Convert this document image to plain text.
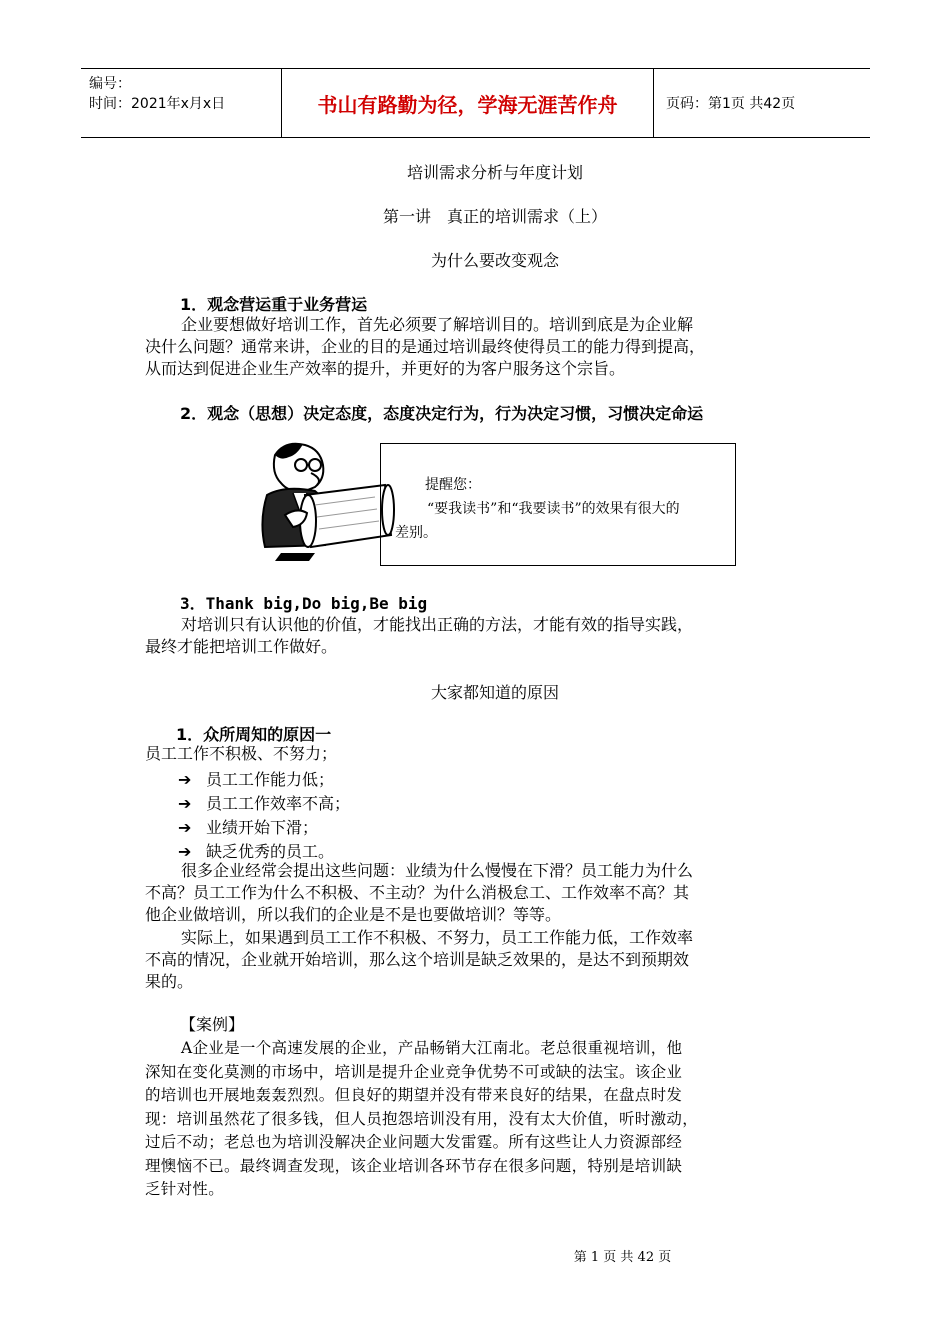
编号：
时间：2021年x月x日	书山有路勤为径，学海无涯苦作舟	页码：第1页 共42页
培训需求分析与年度计划
第一讲　真正的培训需求（上）
为什么要改变观念
1．观念营运重于业务营运
企业要想做好培训工作，首先必须要了解培训目的。培训到底是为企业解
决什么问题？通常来讲，企业的目的是通过培训最终使得员工的能力得到提高，
从而达到促进企业生产效率的提升，并更好的为客户服务这个宗旨。
2．观念（思想）决定态度，态度决定行为，行为决定习惯，习惯决定命运
提醒您：
“要我读书”和“我要读书”的效果有很大的
差别。
3．Thank big,Do big,Be big
对培训只有认识他的价值，才能找出正确的方法，才能有效的指导实践，
最终才能把培训工作做好。
大家都知道的原因
1．众所周知的原因一
员工工作不积极、不努力；
➔ 员工工作能力低；
➔ 员工工作效率不高；
➔ 业绩开始下滑；
➔ 缺乏优秀的员工。
很多企业经常会提出这些问题：业绩为什么慢慢在下滑？员工能力为什么
不高？员工工作为什么不积极、不主动？为什么消极怠工、工作效率不高？其
他企业做培训，所以我们的企业是不是也要做培训？等等。
实际上，如果遇到员工工作不积极、不努力，员工工作能力低，工作效率
不高的情况，企业就开始培训，那么这个培训是缺乏效果的，是达不到预期效
果的。
【案例】
A企业是一个高速发展的企业，产品畅销大江南北。老总很重视培训，他
深知在变化莫测的市场中，培训是提升企业竞争优势不可或缺的法宝。该企业
的培训也开展地轰轰烈烈。但良好的期望并没有带来良好的结果，在盘点时发
现：培训虽然花了很多钱，但人员抱怨培训没有用，没有太大价值，听时激动，
过后不动；老总也为培训没解决企业问题大发雷霆。所有这些让人力资源部经
理懊恼不已。最终调查发现，该企业培训各环节存在很多问题，特别是培训缺
乏针对性。
第 1 页 共 42 页
